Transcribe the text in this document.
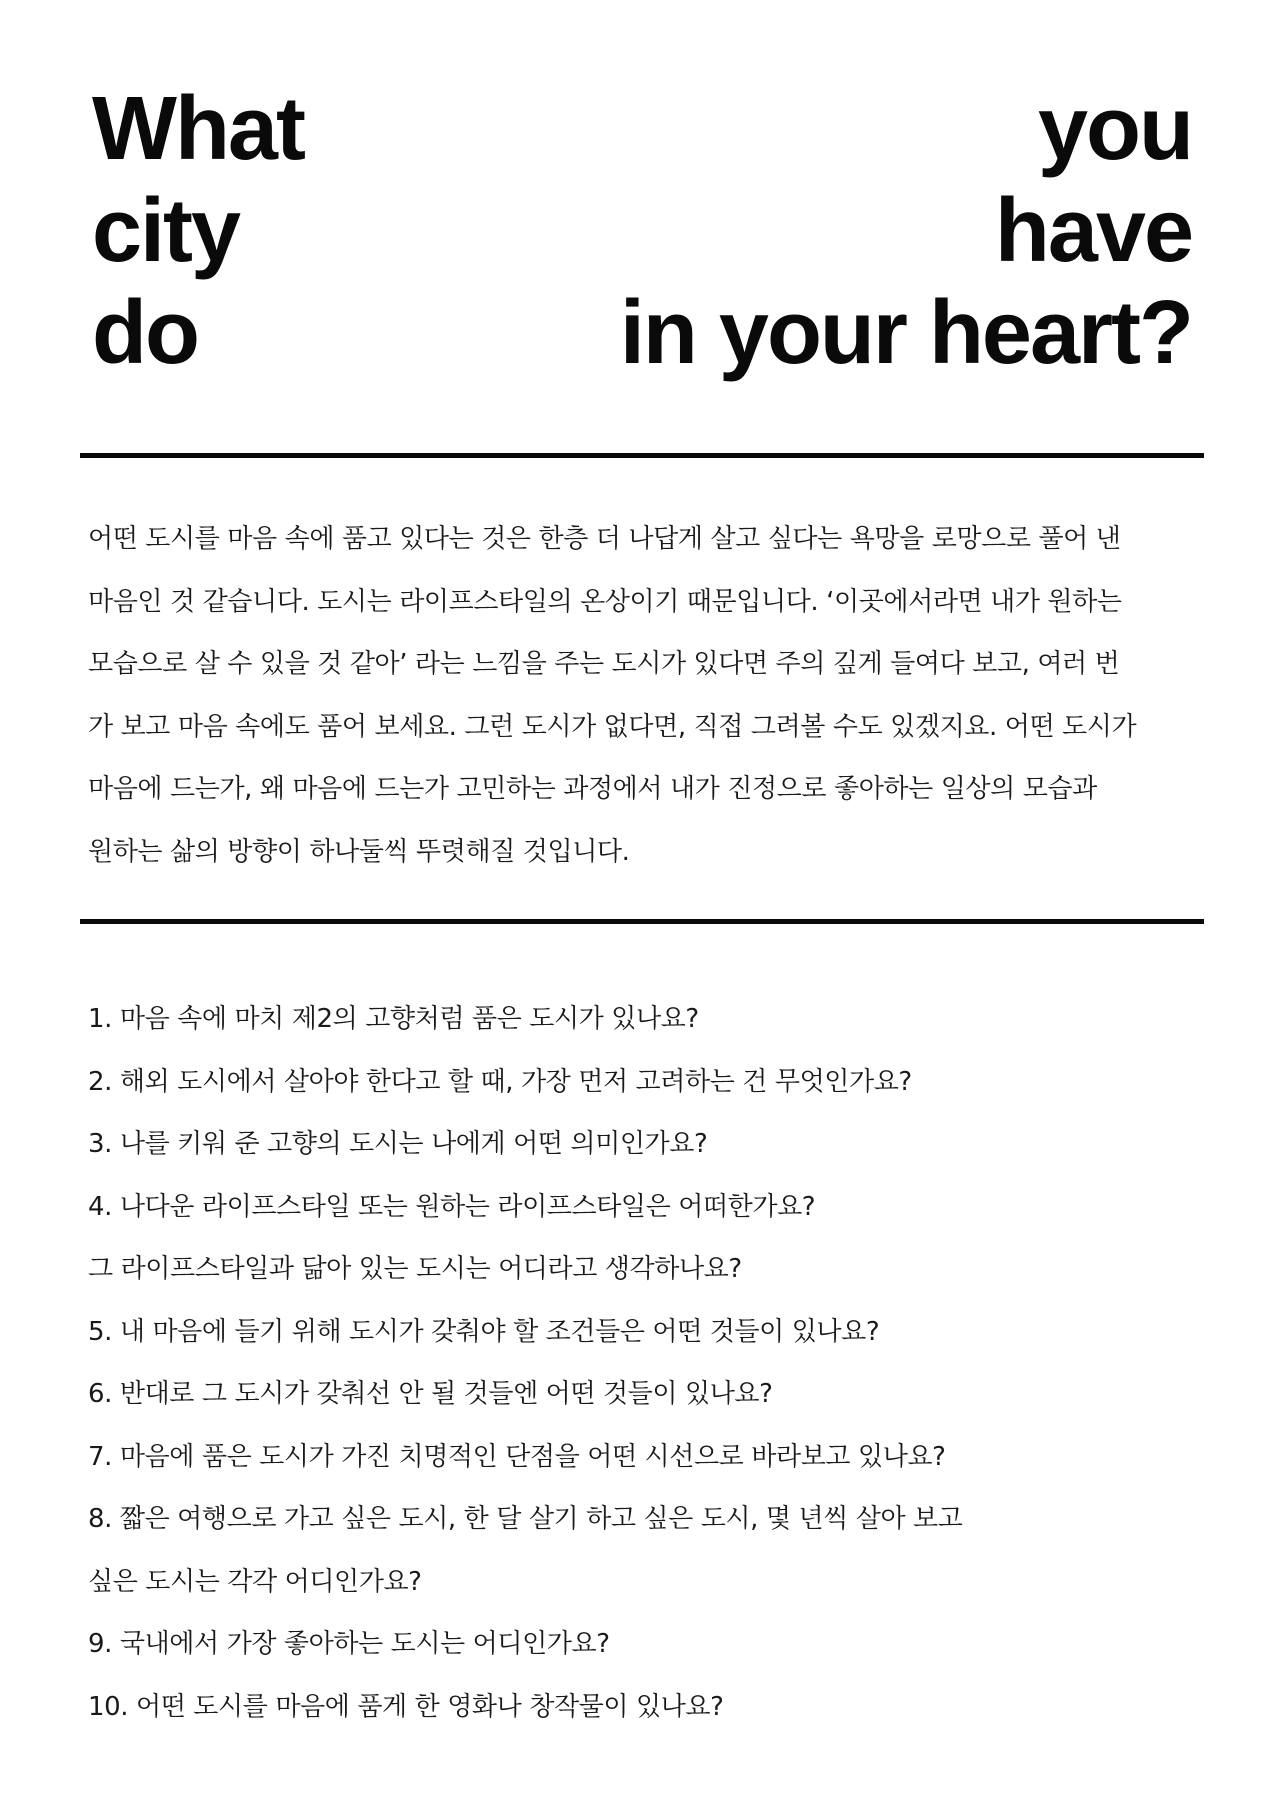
What
city
do
you
have
in your heart?

어떤 도시를 마음 속에 품고 있다는 것은 한층 더 나답게 살고 싶다는 욕망을 로망으로 풀어 낸
마음인 것 같습니다. 도시는 라이프스타일의 온상이기 때문입니다. ‘이곳에서라면 내가 원하는
모습으로 살 수 있을 것 같아’ 라는 느낌을 주는 도시가 있다면 주의 깊게 들여다 보고, 여러 번
가 보고 마음 속에도 품어 보세요. 그런 도시가 없다면, 직접 그려볼 수도 있겠지요. 어떤 도시가
마음에 드는가, 왜 마음에 드는가 고민하는 과정에서 내가 진정으로 좋아하는 일상의 모습과
원하는 삶의 방향이 하나둘씩 뚜렷해질 것입니다.

1. 마음 속에 마치 제2의 고향처럼 품은 도시가 있나요?
2. 해외 도시에서 살아야 한다고 할 때, 가장 먼저 고려하는 건 무엇인가요?
3. 나를 키워 준 고향의 도시는 나에게 어떤 의미인가요?
4. 나다운 라이프스타일 또는 원하는 라이프스타일은 어떠한가요?
그 라이프스타일과 닮아 있는 도시는 어디라고 생각하나요?
5. 내 마음에 들기 위해 도시가 갖춰야 할 조건들은 어떤 것들이 있나요?
6. 반대로 그 도시가 갖춰선 안 될 것들엔 어떤 것들이 있나요?
7. 마음에 품은 도시가 가진 치명적인 단점을 어떤 시선으로 바라보고 있나요?
8. 짧은 여행으로 가고 싶은 도시, 한 달 살기 하고 싶은 도시, 몇 년씩 살아 보고
싶은 도시는 각각 어디인가요?
9. 국내에서 가장 좋아하는 도시는 어디인가요?
10. 어떤 도시를 마음에 품게 한 영화나 창작물이 있나요?
